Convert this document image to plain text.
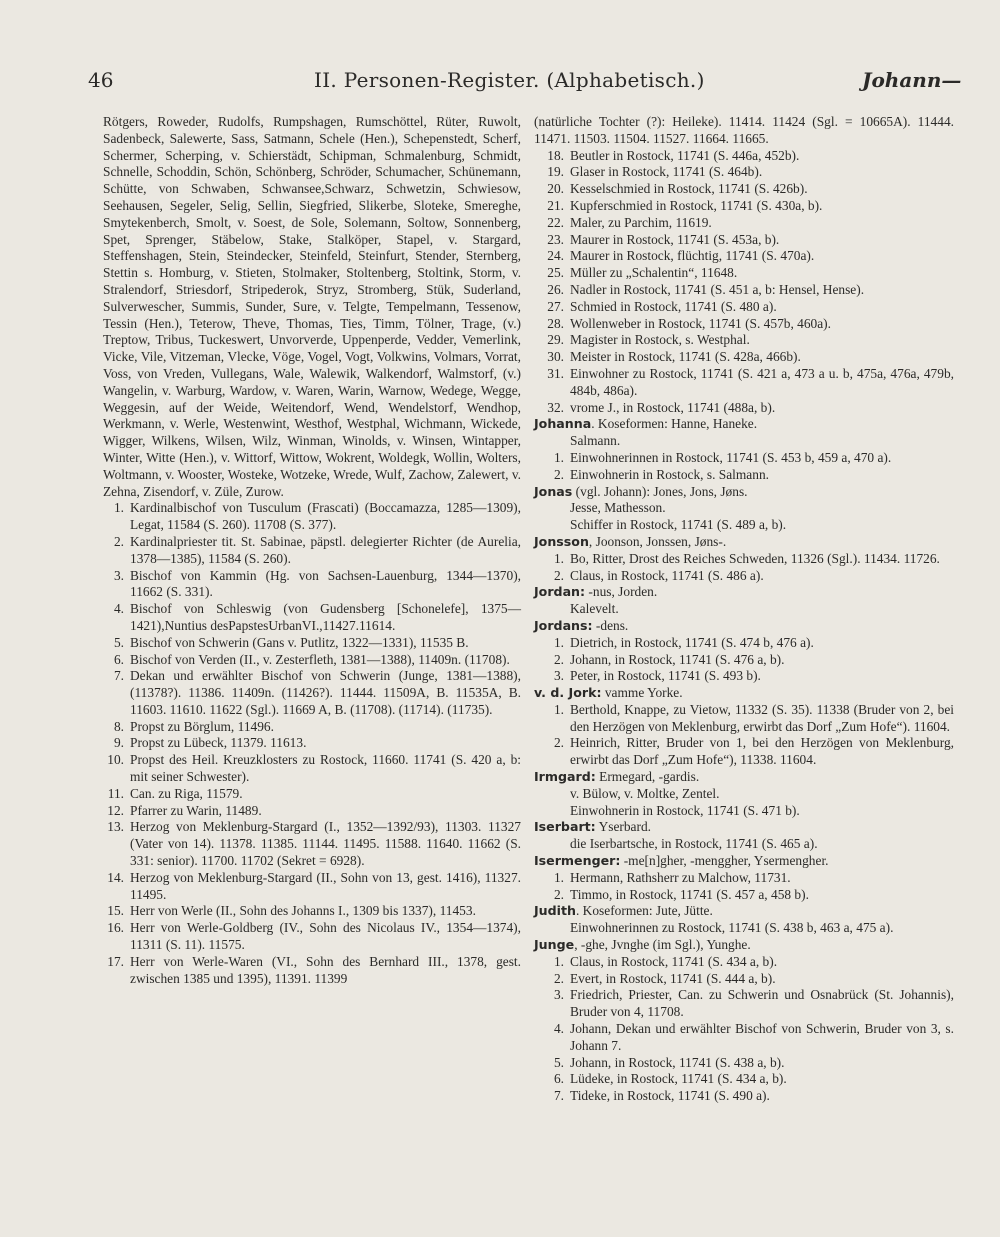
46	II. Personen-Register. (Alphabetisch.)	Johann—

Rötgers, Roweder, Rudolfs, Rumpshagen, Rumschöttel, Rüter, Ruwolt, Sadenbeck, Salewerte, Sass, Satmann, Schele (Hen.), Schepenstedt, Scherf, Schermer, Scherping, v. Schierstädt, Schipman, Schmalenburg, Schmidt, Schnelle, Schoddin, Schön, Schönberg, Schröder, Schumacher, Schünemann, Schütte, von Schwaben, Schwansee,Schwarz, Schwetzin, Schwiesow, Seehausen, Segeler, Selig, Sellin, Siegfried, Slikerbe, Sloteke, Smereghe, Smytekenberch, Smolt, v. Soest, de Sole, Solemann, Soltow, Sonnenberg, Spet, Sprenger, Stäbelow, Stake, Stalköper, Stapel, v. Stargard, Steffenshagen, Stein, Steindecker, Steinfeld, Steinfurt, Stender, Sternberg, Stettin s. Homburg, v. Stieten, Stolmaker, Stoltenberg, Stoltink, Storm, v. Stralendorf, Striesdorf, Stripederok, Stryz, Stromberg, Stük, Suderland, Sulverwescher, Summis, Sunder, Sure, v. Telgte, Tempelmann, Tessenow, Tessin (Hen.), Teterow, Theve, Thomas, Ties, Timm, Tölner, Trage, (v.) Treptow, Tribus, Tuckeswert, Unvorverde, Uppenperde, Vedder, Vemerlink, Vicke, Vile, Vitzeman, Vlecke, Vöge, Vogel, Vogt, Volkwins, Volmars, Vorrat, Voss, von Vreden, Vullegans, Wale, Walewik, Walkendorf, Walmstorf, (v.) Wangelin, v. Warburg, Wardow, v. Waren, Warin, Warnow, Wedege, Wegge, Weggesin, auf der Weide, Weitendorf, Wend, Wendelstorf, Wendhop, Werkmann, v. Werle, Westenwint, Westhof, Westphal, Wichmann, Wickede, Wigger, Wilkens, Wilsen, Wilz, Winman, Winolds, v. Winsen, Wintapper, Winter, Witte (Hen.), v. Wittorf, Wittow, Wokrent, Woldegk, Wollin, Wolters, Woltmann, v. Wooster, Wosteke, Wotzeke, Wrede, Wulf, Zachow, Zalewert, v. Zehna, Zisendorf, v. Züle, Zurow.

1. Kardinalbischof von Tusculum (Frascati) (Boccamazza, 1285—1309), Legat, 11584 (S. 260). 11708 (S. 377).

2. Kardinalpriester tit. St. Sabinae, päpstl. delegierter Richter (de Aurelia, 1378—1385), 11584 (S. 260).

3. Bischof von Kammin (Hg. von Sachsen-Lauenburg, 1344—1370), 11662 (S. 331).

4. Bischof von Schleswig (von Gudensberg [Schonelefe], 1375—1421),Nuntius desPapstesUrbanVI.,11427.11614.

5. Bischof von Schwerin (Gans v. Putlitz, 1322—1331), 11535 B.

6. Bischof von Verden (II., v. Zesterfleth, 1381—1388), 11409n. (11708).

7. Dekan und erwählter Bischof von Schwerin (Junge, 1381—1388), (11378?). 11386. 11409n. (11426?). 11444. 11509A, B. 11535A, B. 11603. 11610. 11622 (Sgl.). 11669 A, B. (11708). (11714). (11735).

8. Propst zu Börglum, 11496.

9. Propst zu Lübeck, 11379. 11613.

10. Propst des Heil. Kreuzklosters zu Rostock, 11660. 11741 (S. 420 a, b: mit seiner Schwester).

11. Can. zu Riga, 11579.

12. Pfarrer zu Warin, 11489.

13. Herzog von Meklenburg-Stargard (I., 1352—1392/93), 11303. 11327 (Vater von 14). 11378. 11385. 11144. 11495. 11588. 11640. 11662 (S. 331: senior). 11700. 11702 (Sekret = 6928).

14. Herzog von Meklenburg-Stargard (II., Sohn von 13, gest. 1416), 11327. 11495.

15. Herr von Werle (II., Sohn des Johanns I., 1309 bis 1337), 11453.

16. Herr von Werle-Goldberg (IV., Sohn des Nicolaus IV., 1354—1374), 11311 (S. 11). 11575.

17. Herr von Werle-Waren (VI., Sohn des Bernhard III., 1378, gest. zwischen 1385 und 1395), 11391. 11399

(natürliche Tochter (?): Heileke). 11414. 11424 (Sgl. = 10665A). 11444. 11471. 11503. 11504. 11527. 11664. 11665.

18. Beutler in Rostock, 11741 (S. 446a, 452b).

19. Glaser in Rostock, 11741 (S. 464b).

20. Kesselschmied in Rostock, 11741 (S. 426b).

21. Kupferschmied in Rostock, 11741 (S. 430a, b).

22. Maler, zu Parchim, 11619.

23. Maurer in Rostock, 11741 (S. 453a, b).

24. Maurer in Rostock, flüchtig, 11741 (S. 470a).

25. Müller zu „Schalentin“, 11648.

26. Nadler in Rostock, 11741 (S. 451 a, b: Hensel, Hense).

27. Schmied in Rostock, 11741 (S. 480 a).

28. Wollenweber in Rostock, 11741 (S. 457b, 460a).

29. Magister in Rostock, s. Westphal.

30. Meister in Rostock, 11741 (S. 428a, 466b).

31. Einwohner zu Rostock, 11741 (S. 421 a, 473 a u. b, 475a, 476a, 479b, 484b, 486a).

32. vrome J., in Rostock, 11741 (488a, b).

Johanna. Koseformen: Hanne, Haneke.

Salmann.

1. Einwohnerinnen in Rostock, 11741 (S. 453 b, 459 a, 470 a).

2. Einwohnerin in Rostock, s. Salmann.

Jonas (vgl. Johann): Jones, Jons, Jøns.

Jesse, Mathesson.

Schiffer in Rostock, 11741 (S. 489 a, b).

Jonsson, Joonson, Jonssen, Jøns-.

1. Bo, Ritter, Drost des Reiches Schweden, 11326 (Sgl.). 11434. 11726.

2. Claus, in Rostock, 11741 (S. 486 a).

Jordan: -nus, Jorden.

Kalevelt.

Jordans: -dens.

1. Dietrich, in Rostock, 11741 (S. 474 b, 476 a).

2. Johann, in Rostock, 11741 (S. 476 a, b).

3. Peter, in Rostock, 11741 (S. 493 b).

v. d. Jork: vamme Yorke.

1. Berthold, Knappe, zu Vietow, 11332 (S. 35). 11338 (Bruder von 2, bei den Herzögen von Meklenburg, erwirbt das Dorf „Zum Hofe“). 11604.

2. Heinrich, Ritter, Bruder von 1, bei den Herzögen von Meklenburg, erwirbt das Dorf „Zum Hofe“), 11338. 11604.

Irmgard: Ermegard, -gardis.

v. Bülow, v. Moltke, Zentel.

Einwohnerin in Rostock, 11741 (S. 471 b).

Iserbart: Yserbard.

die Iserbartsche, in Rostock, 11741 (S. 465 a).

Isermenger: -me[n]gher, -menggher, Ysermengher.

1. Hermann, Rathsherr zu Malchow, 11731.

2. Timmo, in Rostock, 11741 (S. 457 a, 458 b).

Judith. Koseformen: Jute, Jütte.

Einwohnerinnen zu Rostock, 11741 (S. 438 b, 463 a, 475 a).

Junge, -ghe, Jvnghe (im Sgl.), Yunghe.

1. Claus, in Rostock, 11741 (S. 434 a, b).

2. Evert, in Rostock, 11741 (S. 444 a, b).

3. Friedrich, Priester, Can. zu Schwerin und Osnabrück (St. Johannis), Bruder von 4, 11708.

4. Johann, Dekan und erwählter Bischof von Schwerin, Bruder von 3, s. Johann 7.

5. Johann, in Rostock, 11741 (S. 438 a, b).

6. Lüdeke, in Rostock, 11741 (S. 434 a, b).

7. Tideke, in Rostock, 11741 (S. 490 a).
